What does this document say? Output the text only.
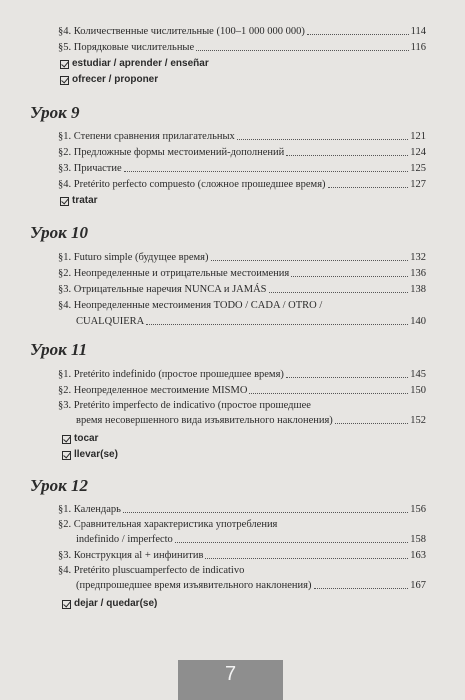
§4. Количественные числительные (100–1 000 000 000)	114
§5. Порядковые числительные	116
estudiar / aprender / enseñar
ofrecer / proponer
Урок 9
§1. Степени сравнения прилагательных	121
§2. Предложные формы местоимений-дополнений	124
§3. Причастие	125
§4. Pretérito perfecto compuesto (сложное прошедшее время)	127
tratar
Урок 10
§1. Futuro simple (будущее время)	132
§2. Неопределенные и отрицательные местоимения	136
§3. Отрицательные наречия NUNCA и JAMÁS	138
§4. Неопределенные местоимения TODO / CADA / OTRO /
CUALQUIERA	140
Урок 11
§1. Pretérito indefinido (простое прошедшее время)	145
§2. Неопределенное местоимение MISMO	150
§3. Pretérito imperfecto de indicativo (простое прошедшее
время несовершенного вида изъявительного наклонения)	152
tocar
llevar(se)
Урок 12
§1. Календарь	156
§2. Сравнительная характеристика употребления
indefinido / imperfecto	158
§3. Конструкция al + инфинитив	163
§4. Pretérito pluscuamperfecto de indicativo
(предпрошедшее время изъявительного наклонения)	167
dejar / quedar(se)
7
